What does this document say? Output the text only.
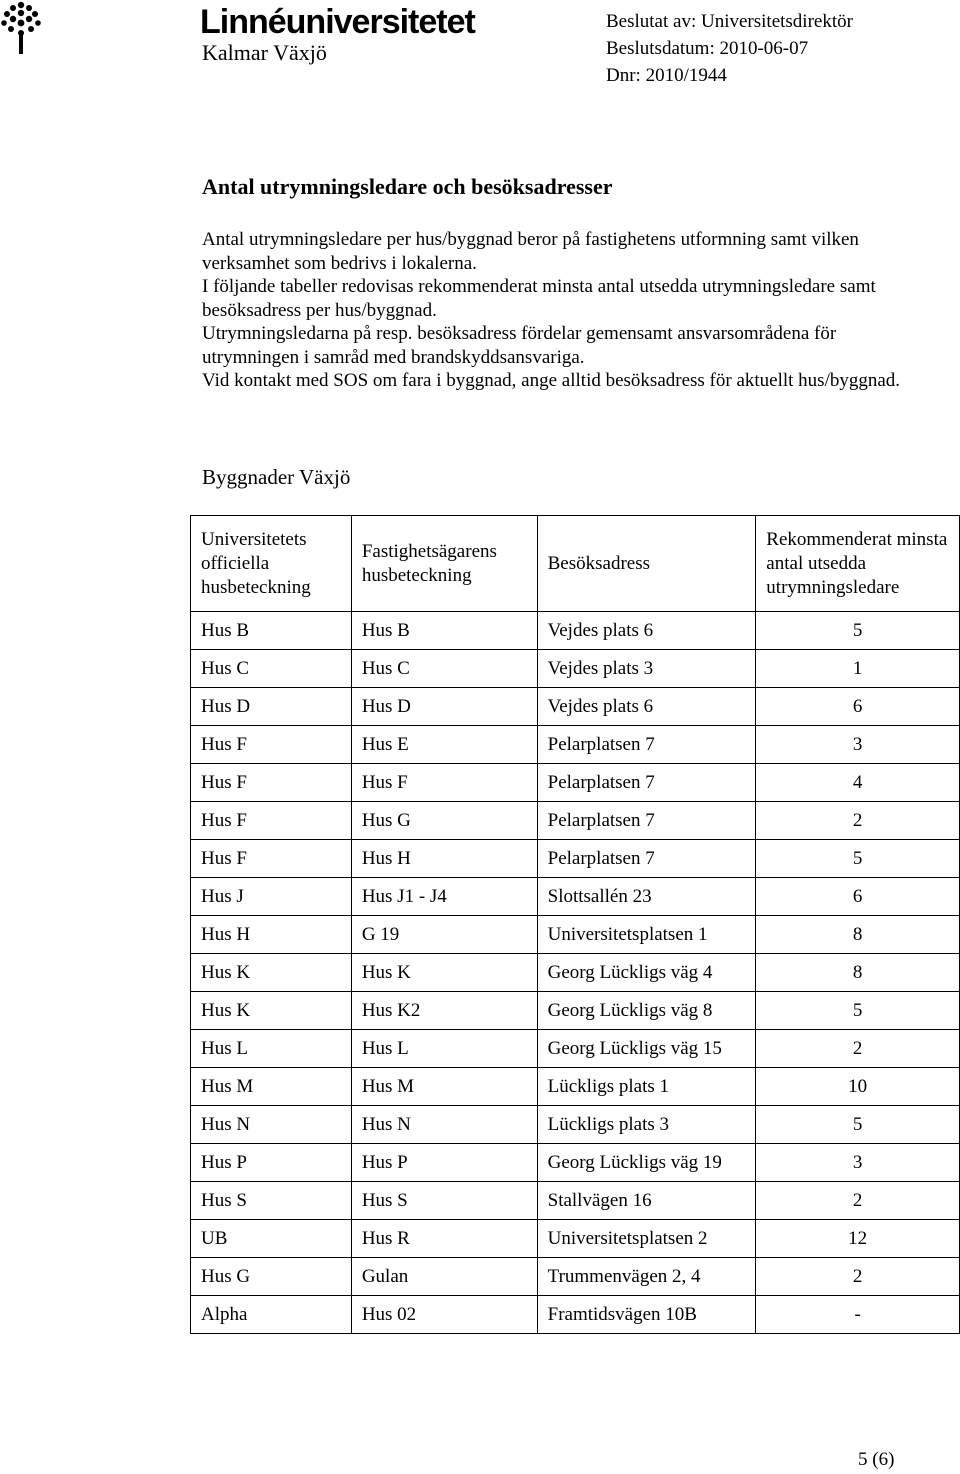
Linnéuniversitetet
Kalmar Växjö
Beslutat av: Universitetsdirektör
Beslutsdatum: 2010-06-07
Dnr: 2010/1944
Antal utrymningsledare och besöksadresser

Antal utrymningsledare per hus/byggnad beror på fastighetens utformning samt vilken verksamhet som bedrivs i lokalerna.

I följande tabeller redovisas rekommenderat minsta antal utsedda utrymningsledare samt besöksadress per hus/byggnad.

Utrymningsledarna på resp. besöksadress fördelar gemensamt ansvarsområdena för utrymningen i samråd med brandskyddsansvariga.

Vid kontakt med SOS om fara i byggnad, ange alltid besöksadress för aktuellt hus/byggnad.

Byggnader Växjö
Universitetets officiella husbeteckning	Fastighetsägarens husbeteckning	Besöksadress	Rekommenderat minsta antal utsedda utrymningsledare
Hus B	Hus B	Vejdes plats 6	5
Hus C	Hus C	Vejdes plats 3	1
Hus D	Hus D	Vejdes plats 6	6
Hus F	Hus E	Pelarplatsen 7	3
Hus F	Hus F	Pelarplatsen 7	4
Hus F	Hus G	Pelarplatsen 7	2
Hus F	Hus H	Pelarplatsen 7	5
Hus J	Hus J1 - J4	Slottsallén 23	6
Hus H	G 19	Universitetsplatsen 1	8
Hus K	Hus K	Georg Lückligs väg 4	8
Hus K	Hus K2	Georg Lückligs väg 8	5
Hus L	Hus L	Georg Lückligs väg 15	2
Hus M	Hus M	Lückligs plats 1	10
Hus N	Hus N	Lückligs plats 3	5
Hus P	Hus P	Georg Lückligs väg 19	3
Hus S	Hus S	Stallvägen 16	2
UB	Hus R	Universitetsplatsen 2	12
Hus G	Gulan	Trummenvägen 2, 4	2
Alpha	Hus 02	Framtidsvägen 10B	-
5 (6)
